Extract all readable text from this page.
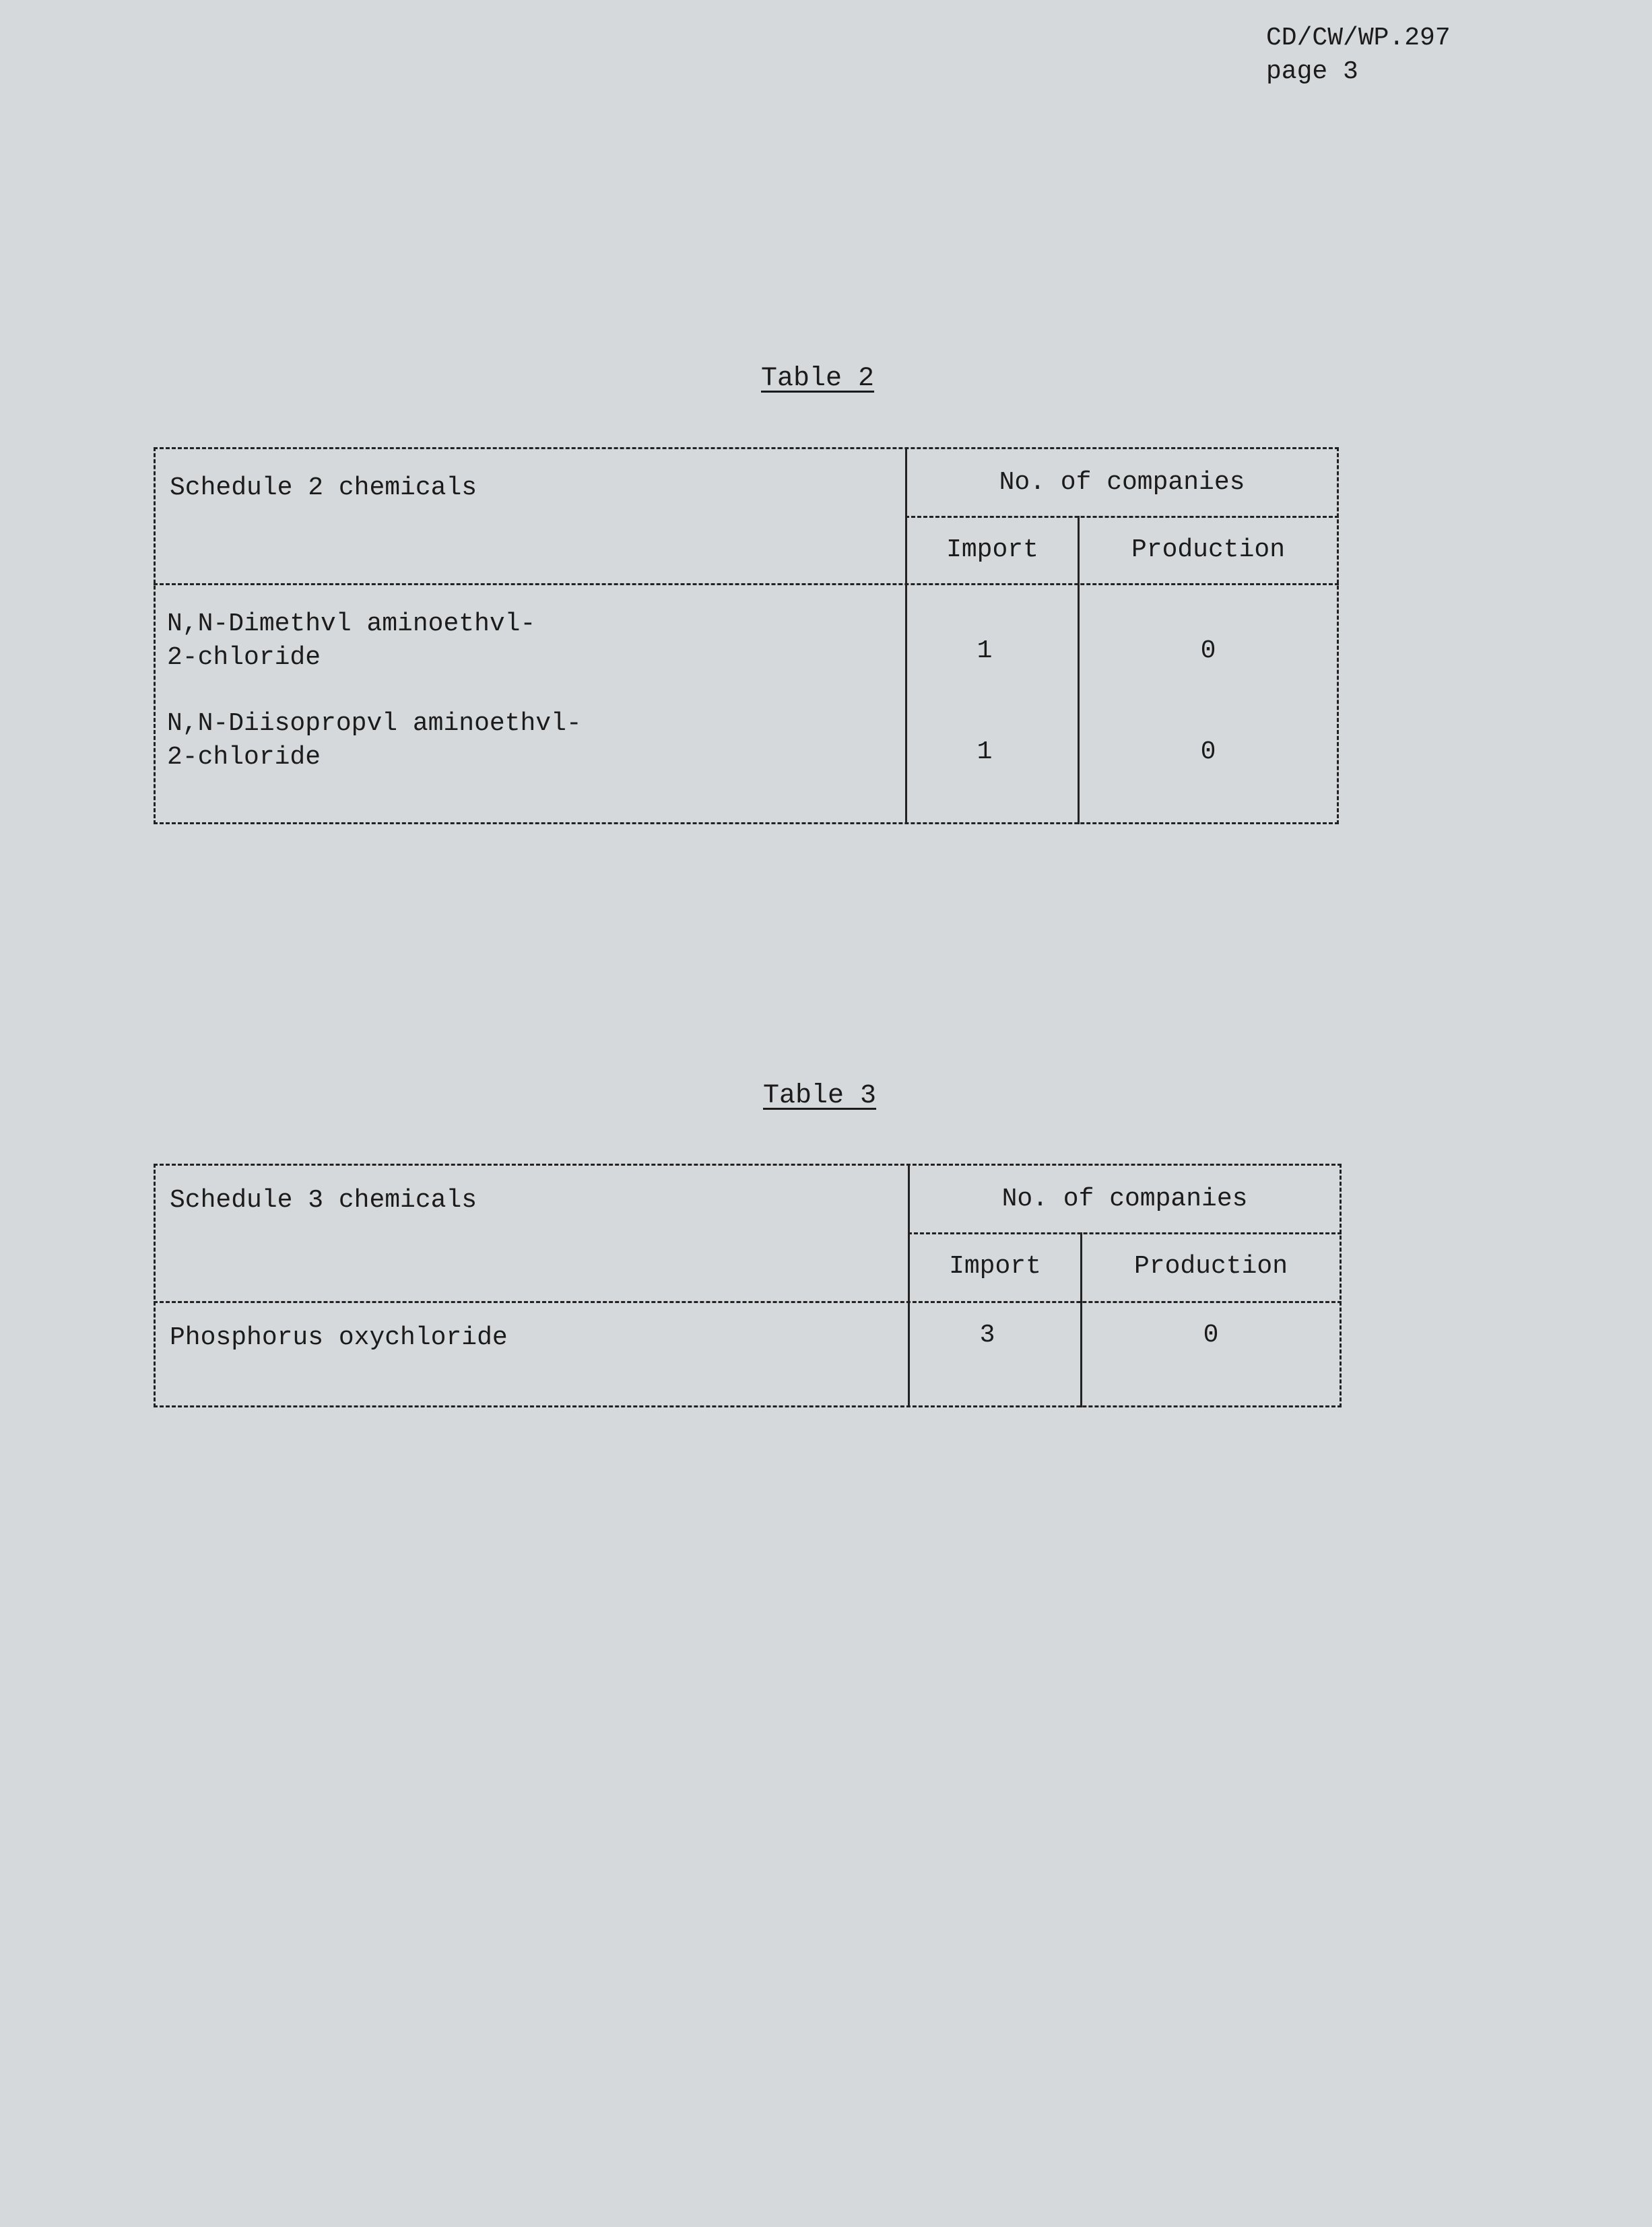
CD/CW/WP.297
page 3
Table 2
Schedule 2 chemicals	No. of companies
Import	Production
N,N-Dimethvl aminoethvl-
2-chloride	1	0
N,N-Diisopropvl aminoethvl-
2-chloride	1	0
Table 3
Schedule 3 chemicals	No. of companies
Import	Production
Phosphorus oxychloride	3	0
